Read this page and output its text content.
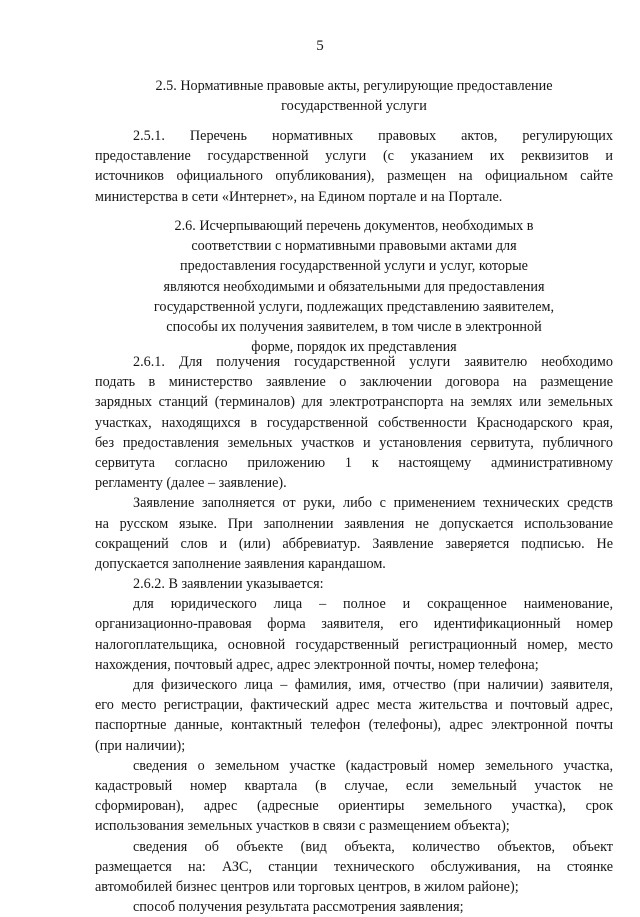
5
2.5. Нормативные правовые акты, регулирующие предоставление
государственной услуги
2.5.1. Перечень нормативных правовых актов, регулирующих
предоставление государственной услуги (с указанием их реквизитов и
источников официального опубликования), размещен на официальном сайте
министерства в сети «Интернет», на Едином портале и на Портале.
2.6. Исчерпывающий перечень документов, необходимых в
соответствии с нормативными правовыми актами для
предоставления государственной услуги и услуг, которые
являются необходимыми и обязательными для предоставления
государственной услуги, подлежащих представлению заявителем,
способы их получения заявителем, в том числе в электронной
форме, порядок их представления
2.6.1. Для получения государственной услуги заявителю необходимо
подать в министерство заявление о заключении договора на размещение
зарядных станций (терминалов) для электротранспорта на землях или земельных
участках, находящихся в государственной собственности Краснодарского края,
без предоставления земельных участков и установления сервитута, публичного
сервитута согласно приложению 1 к настоящему административному
регламенту (далее – заявление).
Заявление заполняется от руки, либо с применением технических средств
на русском языке. При заполнении заявления не допускается использование
сокращений слов и (или) аббревиатур. Заявление заверяется подписью. Не
допускается заполнение заявления карандашом.
2.6.2. В заявлении указывается:
для юридического лица – полное и сокращенное наименование,
организационно-правовая форма заявителя, его идентификационный номер
налогоплательщика, основной государственный регистрационный номер, место
нахождения, почтовый адрес, адрес электронной почты, номер телефона;
для физического лица – фамилия, имя, отчество (при наличии) заявителя,
его место регистрации, фактический адрес места жительства и почтовый адрес,
паспортные данные, контактный телефон (телефоны), адрес электронной почты
(при наличии);
сведения о земельном участке (кадастровый номер земельного участка,
кадастровый номер квартала (в случае, если земельный участок не
сформирован), адрес (адресные ориентиры земельного участка), срок
использования земельных участков в связи с размещением объекта);
сведения об объекте (вид объекта, количество объектов, объект
размещается на: АЗС, станции технического обслуживания, на стоянке
автомобилей бизнес центров или торговых центров, в жилом районе);
способ получения результата рассмотрения заявления;
